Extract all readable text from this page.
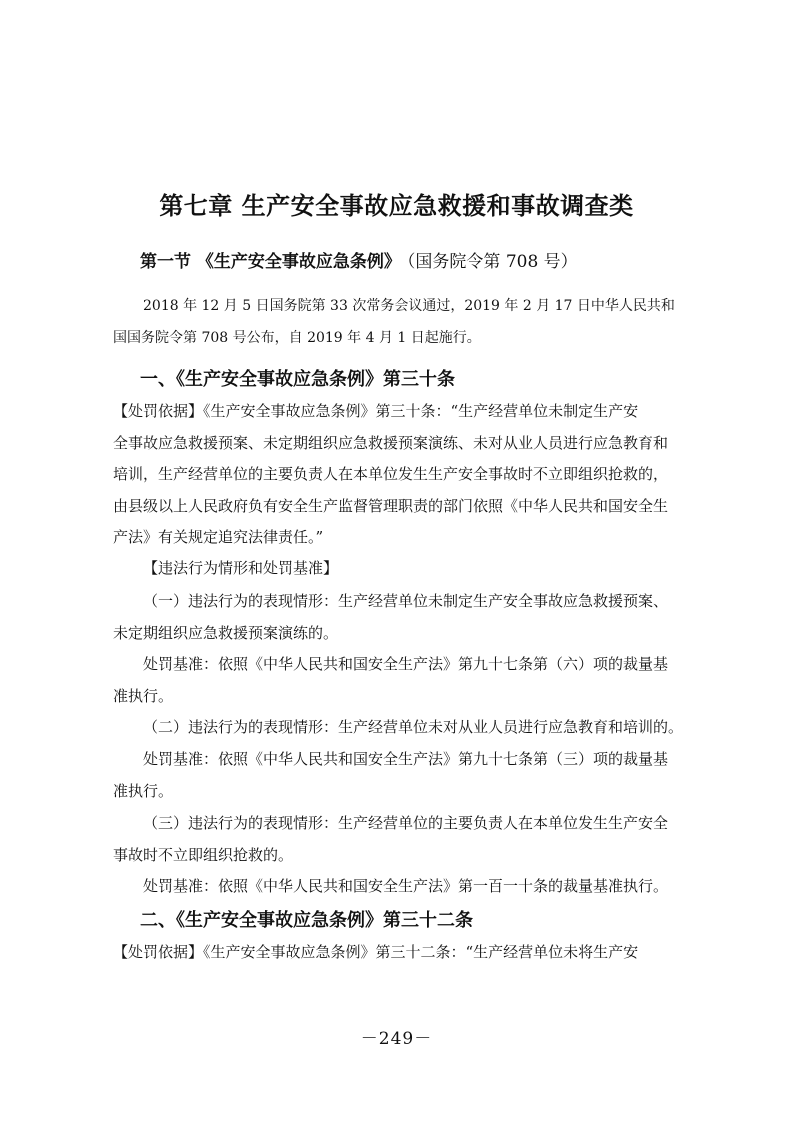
第七章 生产安全事故应急救援和事故调查类
第一节 《生产安全事故应急条例》 （国务院令第 708 号）
2018 年 12 月 5 日国务院第 33 次常务会议通过，2019 年 2 月 17 日中华人民共和
国国务院令第 708 号公布，自 2019 年 4 月 1 日起施行。
一、《生产安全事故应急条例》第三十条
【处罚依据】《生产安全事故应急条例》第三十条：“生产经营单位未制定生产安
全事故应急救援预案、未定期组织应急救援预案演练、未对从业人员进行应急教育和
培训，生产经营单位的主要负责人在本单位发生生产安全事故时不立即组织抢救的，
由县级以上人民政府负有安全生产监督管理职责的部门依照《中华人民共和国安全生
产法》有关规定追究法律责任。”
【违法行为情形和处罚基准】
（一）违法行为的表现情形：生产经营单位未制定生产安全事故应急救援预案、
未定期组织应急救援预案演练的。
处罚基准：依照《中华人民共和国安全生产法》第九十七条第（六）项的裁量基
准执行。
（二）违法行为的表现情形：生产经营单位未对从业人员进行应急教育和培训的。
处罚基准：依照《中华人民共和国安全生产法》第九十七条第（三）项的裁量基
准执行。
（三）违法行为的表现情形：生产经营单位的主要负责人在本单位发生生产安全
事故时不立即组织抢救的。
处罚基准：依照《中华人民共和国安全生产法》第一百一十条的裁量基准执行。
二、《生产安全事故应急条例》第三十二条
【处罚依据】《生产安全事故应急条例》第三十二条：“生产经营单位未将生产安
－249－
